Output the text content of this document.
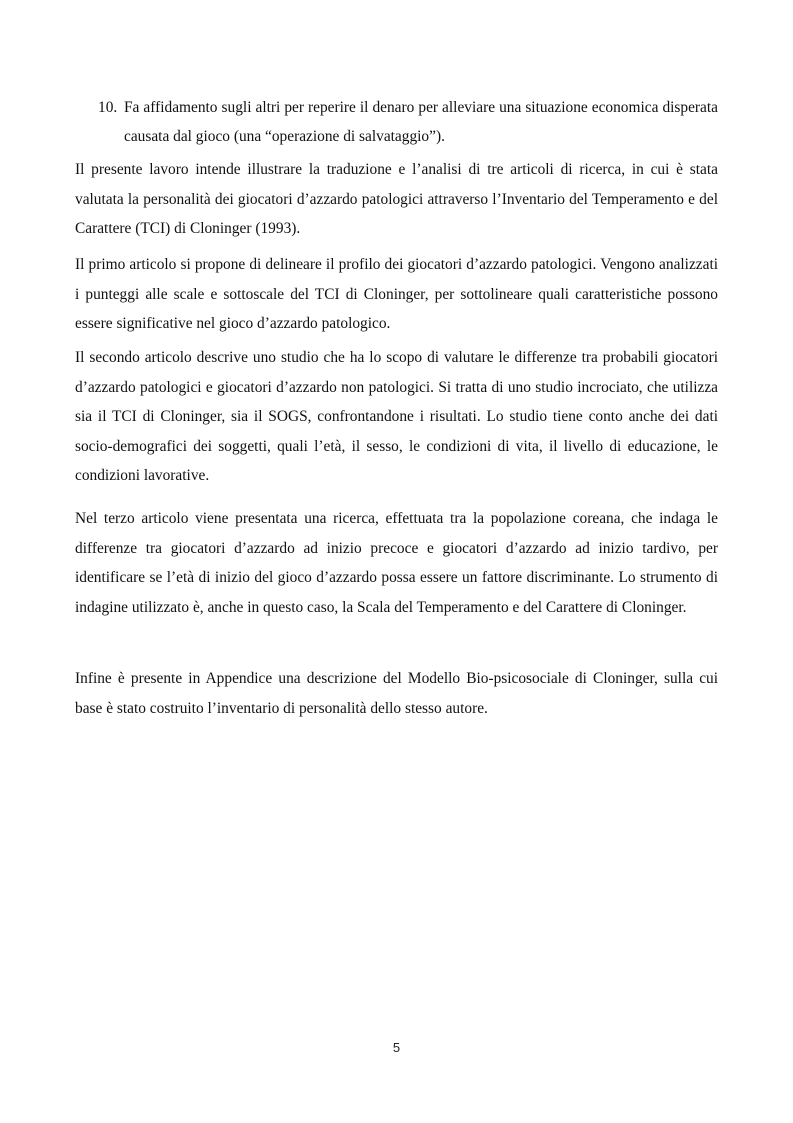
10. Fa affidamento sugli altri per reperire il denaro per alleviare una situazione economica disperata causata dal gioco (una “operazione di salvataggio”).

Il presente lavoro intende illustrare la traduzione e l’analisi di tre articoli di ricerca, in cui è stata valutata la personalità dei giocatori d’azzardo patologici attraverso l’Inventario del Temperamento e del Carattere (TCI) di Cloninger (1993).

Il primo articolo si propone di delineare il profilo dei giocatori d’azzardo patologici. Vengono analizzati i punteggi alle scale e sottoscale del TCI di Cloninger, per sottolineare quali caratteristiche possono essere significative nel gioco d’azzardo patologico.

Il secondo articolo descrive uno studio che ha lo scopo di valutare le differenze tra probabili giocatori d’azzardo patologici e giocatori d’azzardo non patologici. Si tratta di uno studio incrociato, che utilizza sia il TCI di Cloninger, sia il SOGS, confrontandone i risultati. Lo studio tiene conto anche dei dati socio-demografici dei soggetti, quali l’età, il sesso, le condizioni di vita, il livello di educazione, le condizioni lavorative.

Nel terzo articolo viene presentata una ricerca, effettuata tra la popolazione coreana, che indaga le differenze tra giocatori d’azzardo ad inizio precoce e giocatori d’azzardo ad inizio tardivo, per identificare se l’età di inizio del gioco d’azzardo possa essere un fattore discriminante. Lo strumento di indagine utilizzato è, anche in questo caso, la Scala del Temperamento e del Carattere di Cloninger.

Infine è presente in Appendice una descrizione del Modello Bio-psicosociale di Cloninger, sulla cui base è stato costruito l’inventario di personalità dello stesso autore.

5
